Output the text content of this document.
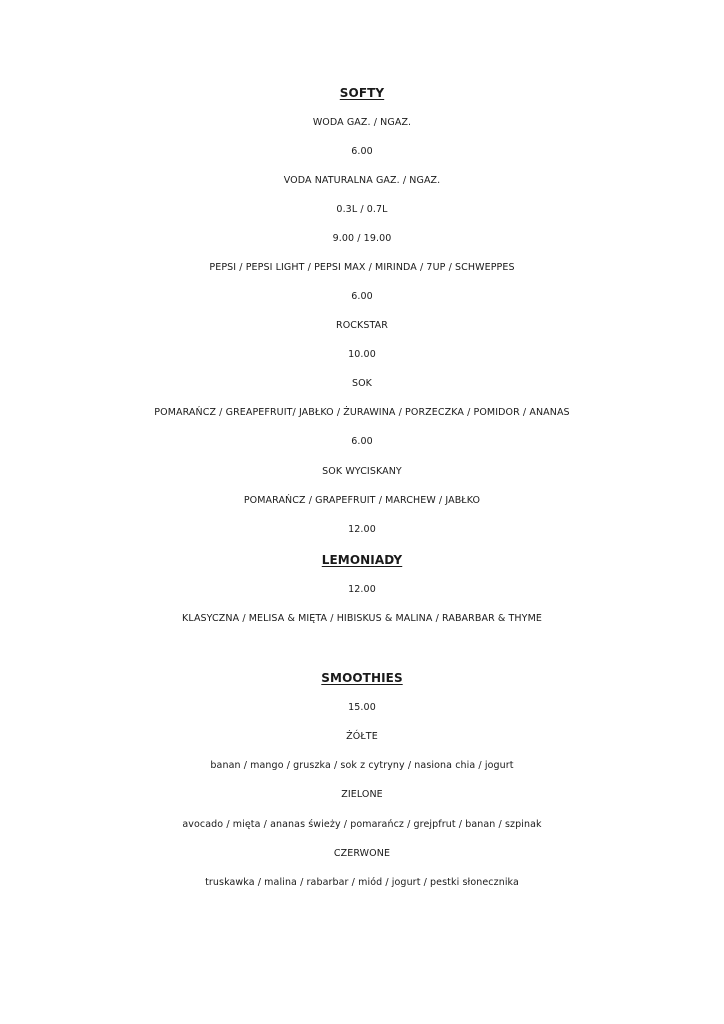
SOFTY
WODA GAZ. / NGAZ.
6.00
VODA NATURALNA GAZ. / NGAZ.
0.3L / 0.7L
9.00 / 19.00
PEPSI / PEPSI LIGHT / PEPSI MAX / MIRINDA / 7UP / SCHWEPPES
6.00
ROCKSTAR
10.00
SOK
POMARAŃCZ / GREAPEFRUIT/ JABŁKO / ŻURAWINA / PORZECZKA / POMIDOR / ANANAS
6.00
SOK WYCISKANY
POMARAŃCZ / GRAPEFRUIT / MARCHEW / JABŁKO
12.00
LEMONIADY
12.00
KLASYCZNA / MELISA & MIĘTA / HIBISKUS & MALINA / RABARBAR & THYME
SMOOTHIES
15.00
ŻÓŁTE
banan / mango / gruszka / sok z cytryny / nasiona chia / jogurt
ZIELONE
avocado / mięta / ananas świeży / pomarańcz / grejpfrut / banan / szpinak
CZERWONE
truskawka / malina / rabarbar / miód / jogurt / pestki słonecznika
